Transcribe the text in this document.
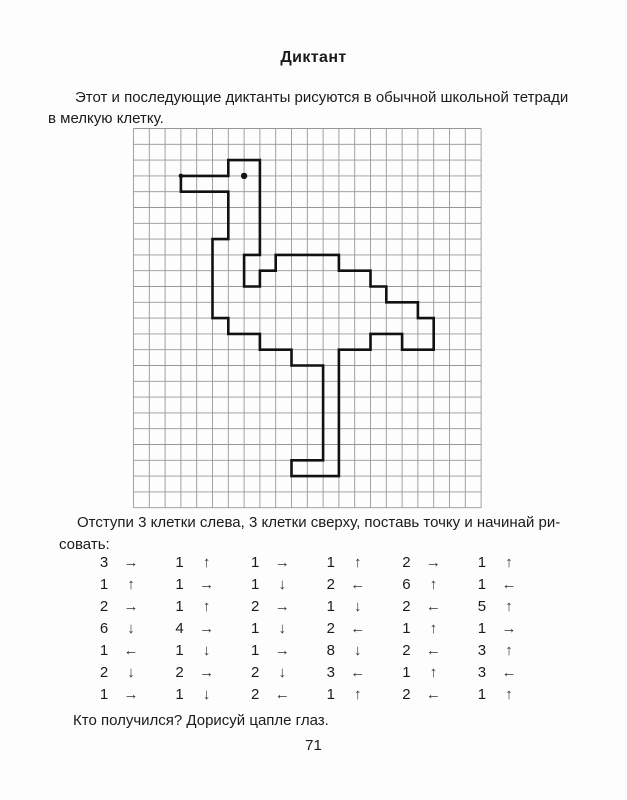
Диктант
Этот и последующие диктанты рисуются в обычной школьной тетради
в мелкую клетку.
Отступи 3 клетки слева, 3 клетки сверху, поставь точку и начинай ри-
совать:
3	→	1	↑	1	→	1	↑	2	→	1	↑
1	↑	1	→	1	↓	2	←	6	↑	1	←
2	→	1	↑	2	→	1	↓	2	←	5	↑
6	↓	4	→	1	↓	2	←	1	↑	1	→
1	←	1	↓	1	→	8	↓	2	←	3	↑
2	↓	2	→	2	↓	3	←	1	↑	3	←
1	→	1	↓	2	←	1	↑	2	←	1	↑
Кто получился? Дорисуй цапле глаз.
71
